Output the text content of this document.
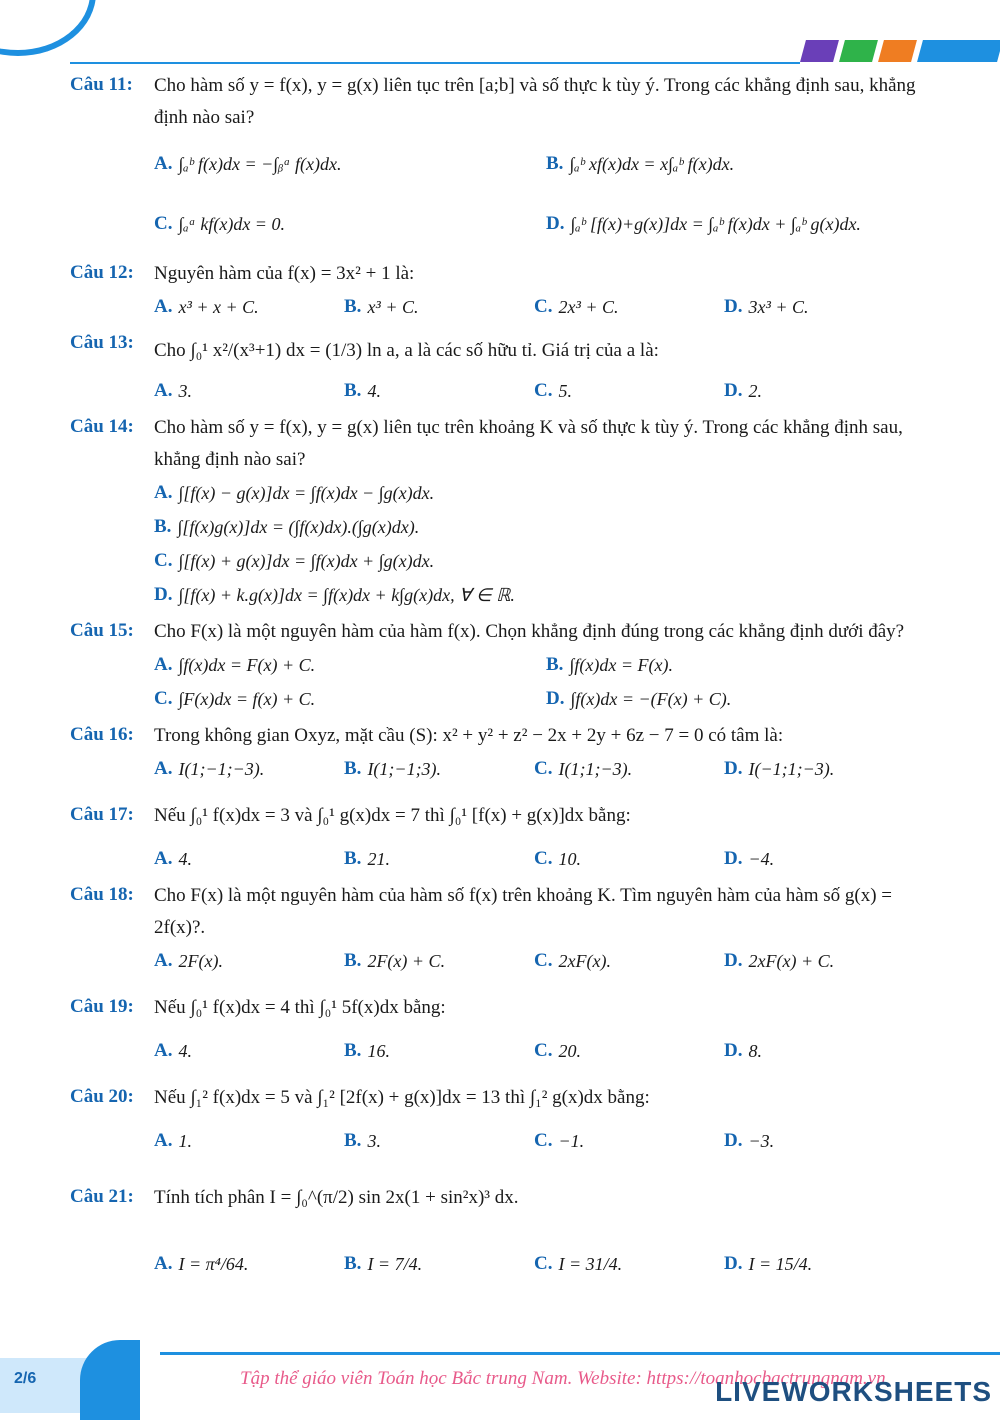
Câu 11:	Cho hàm số y = f(x), y = g(x) liên tục trên [a;b] và số thực k tùy ý. Trong các khẳng định sau, khẳng định nào sai?
A. ∫ₐᵇ f(x)dx = −∫ᵦᵃ f(x)dx.	B. ∫ₐᵇ xf(x)dx = x∫ₐᵇ f(x)dx.
C. ∫ₐᵃ kf(x)dx = 0.	D. ∫ₐᵇ [f(x)+g(x)]dx = ∫ₐᵇ f(x)dx + ∫ₐᵇ g(x)dx.
Câu 12:	Nguyên hàm của f(x) = 3x² + 1 là:
A. x³ + x + C.	B. x³ + C.	C. 2x³ + C.	D. 3x³ + C.
Câu 13:	Cho ∫₀¹ x²/(x³+1) dx = (1/3) ln a, a là các số hữu tỉ. Giá trị của a là:
A. 3.	B. 4.	C. 5.	D. 2.
Câu 14:	Cho hàm số y = f(x), y = g(x) liên tục trên khoảng K và số thực k tùy ý. Trong các khẳng định sau, khẳng định nào sai?
A. ∫[f(x) − g(x)]dx = ∫f(x)dx − ∫g(x)dx.
B. ∫[f(x)g(x)]dx = (∫f(x)dx).(∫g(x)dx).
C. ∫[f(x) + g(x)]dx = ∫f(x)dx + ∫g(x)dx.
D. ∫[f(x) + k.g(x)]dx = ∫f(x)dx + k∫g(x)dx, ∀ ∈ ℝ.
Câu 15:	Cho F(x) là một nguyên hàm của hàm f(x). Chọn khẳng định đúng trong các khẳng định dưới đây?
A. ∫f(x)dx = F(x) + C.	B. ∫f(x)dx = F(x).
C. ∫F(x)dx = f(x) + C.	D. ∫f(x)dx = −(F(x) + C).
Câu 16:	Trong không gian Oxyz, mặt cầu (S): x² + y² + z² − 2x + 2y + 6z − 7 = 0 có tâm là:
A. I(1;−1;−3).	B. I(1;−1;3).	C. I(1;1;−3).	D. I(−1;1;−3).
Câu 17:	Nếu ∫₀¹ f(x)dx = 3 và ∫₀¹ g(x)dx = 7 thì ∫₀¹ [f(x) + g(x)]dx bằng:
A. 4.	B. 21.	C. 10.	D. −4.
Câu 18:	Cho F(x) là một nguyên hàm của hàm số f(x) trên khoảng K. Tìm nguyên hàm của hàm số g(x) = 2f(x)?.
A. 2F(x).	B. 2F(x) + C.	C. 2xF(x).	D. 2xF(x) + C.
Câu 19:	Nếu ∫₀¹ f(x)dx = 4 thì ∫₀¹ 5f(x)dx bằng:
A. 4.	B. 16.	C. 20.	D. 8.
Câu 20:	Nếu ∫₁² f(x)dx = 5 và ∫₁² [2f(x) + g(x)]dx = 13 thì ∫₁² g(x)dx bằng:
A. 1.	B. 3.	C. −1.	D. −3.
Câu 21:	Tính tích phân I = ∫₀^(π/2) sin 2x(1 + sin²x)³ dx.
A. I = π⁴/64.	B. I = 7/4.	C. I = 31/4.	D. I = 15/4.
2/6	Tập thể giáo viên Toán học Bắc trung Nam. Website: https://toanhocbactrungnam.vn
LIVEWORKSHEETS
